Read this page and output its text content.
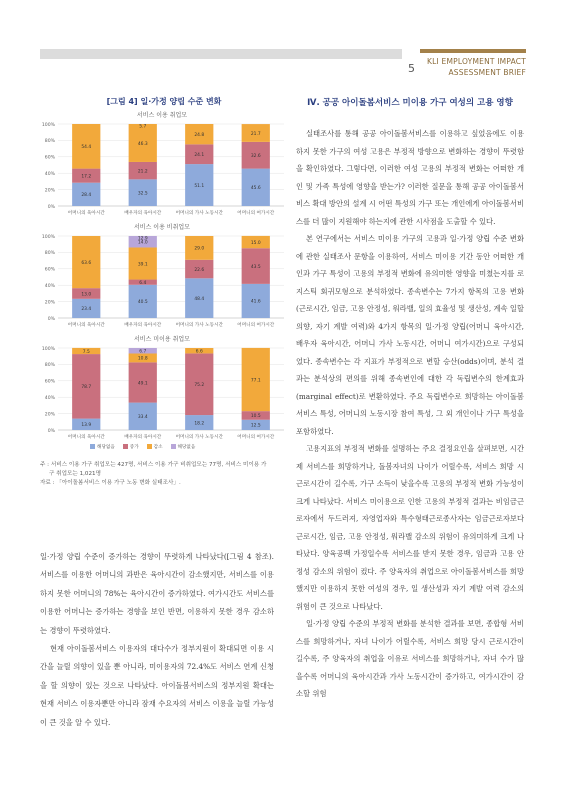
5
KLI EMPLOYMENT IMPACT
ASSESSMENT BRIEF
[그림 4] 일·가정 양립 수준 변화	Ⅳ. 공공 아이돌봄서비스 미이용 가구 여성의 고용 영향
서비스 이용 취업모
0%
20%
40%
60%
80%
100%
28.4
17.2
54.4
어머니의 육아시간
32.5
21.2
46.3
5.7
배우자의 육아시간
51.1
24.1
24.8
어머니의 가사 노동시간
45.6
32.6
21.7
어머니의 여가시간
서비스 이용 비취업모
0%
20%
40%
60%
80%
100%
23.4
13.0
63.6
어머니의 육아시간
40.5
6.4
39.1
14.0
12.9
배우자의 육아시간
48.4
22.6
29.0
어머니의 가사 노동시간
41.6
43.5
15.0
어머니의 여가시간
서비스 미이용 취업모
0%
20%
40%
60%
80%
100%
13.9
78.7
7.5
어머니의 육아시간
33.4
49.1
10.8
6.7
배우자의 육아시간
18.2
75.2
6.6
어머니의 가사 노동시간
12.5
10.5
77.1
어머니의 여가시간
해당없음	증가	감소	해당없음
주 : 서비스 이용 가구 취업모는 427명, 서비스 이용 가구 비취업모는 77명, 서비스 미이용 가
구 취업모는 1,021명
자료 : 「아이돌봄서비스 이용 가구 노동 변화 실태조사」.

일·가정 양립 수준이 증가하는 경향이 뚜렷하게 나타났다([그림 4 참조). 서비스를 이용한 어머니의 과반은 육아시간이 감소했지만, 서비스를 이용하지 못한 어머니의 78%는 육아시간이 증가하였다. 여가시간도 서비스를 이용한 어머니는 증가하는 경향을 보인 반면, 이용하지 못한 경우 감소하는 경향이 뚜렷하였다.

현재 아이돌봄서비스 이용자의 대다수가 정부지원이 확대되면 이용 시간을 늘릴 의향이 있을 뿐 아니라, 미이용자의 72.4%도 서비스 연계 신청을 할 의향이 있는 것으로 나타났다. 아이돌봄서비스의 정부지원 확대는 현재 서비스 이용자뿐만 아니라 잠재 수요자의 서비스 이용을 늘릴 가능성이 큰 것을 알 수 있다.

실태조사를 통해 공공 아이돌봄서비스를 이용하고 싶었음에도 이용하지 못한 가구의 여성 고용은 부정적 방향으로 변화하는 경향이 뚜렷함을 확인하였다. 그렇다면, 이러한 여성 고용의 부정적 변화는 어떠한 개인 및 가족 특성에 영향을 받는가? 이러한 질문을 통해 공공 아이돌봄서비스 확대 방안의 설계 시 어떤 특성의 가구 또는 개인에게 아이돌봄서비스를 더 많이 지원해야 하는지에 관한 시사점을 도출할 수 있다.

본 연구에서는 서비스 미이용 가구의 고용과 일·가정 양립 수준 변화에 관한 실태조사 문항을 이용하여, 서비스 미이용 기간 동안 어떠한 개인과 가구 특성이 고용의 부정적 변화에 유의미한 영향을 미쳤는지를 로지스틱 회귀모형으로 분석하였다. 종속변수는 7가지 항목의 고용 변화(근로시간, 임금, 고용 안정성, 워라밸, 일의 효율성 및 생산성, 계속 일할 의향, 자기 계발 여력)와 4가지 항목의 일·가정 양립(어머니 육아시간, 배우자 육아시간, 어머니 가사 노동시간, 어머니 여가시간)으로 구성되었다. 종속변수는 각 지표가 부정적으로 변할 승산(odds)이며, 분석 결과는 분석상의 편의를 위해 종속변인에 대한 각 독립변수의 한계효과(marginal effect)로 변환하였다. 주요 독립변수로 희망하는 아이돌봄서비스 특성, 어머니의 노동시장 참여 특성, 그 외 개인이나 가구 특성을 포함하였다.

고용지표의 부정적 변화를 설명하는 주요 결정요인을 살펴보면, 시간제 서비스를 희망하거나, 돌봄자녀의 나이가 어릴수록, 서비스 희망 시 근로시간이 길수록, 가구 소득이 낮을수록 고용의 부정적 변화 가능성이 크게 나타났다. 서비스 미이용으로 인한 고용의 부정적 결과는 비임금근로자에서 두드러져, 자영업자와 특수형태근로종사자는 임금근로자보다 근로시간, 임금, 고용 안정성, 워라밸 감소의 위험이 유의미하게 크게 나타났다. 양육공백 가정일수록 서비스를 받지 못한 경우, 임금과 고용 안정성 감소의 위험이 컸다. 주 양육자의 취업으로 아이돌봄서비스를 희망했지만 이용하지 못한 여성의 경우, 일 생산성과 자기 계발 여력 감소의 위험이 큰 것으로 나타났다.

일·가정 양립 수준의 부정적 변화를 분석한 결과를 보면, 종합형 서비스를 희망하거나, 자녀 나이가 어릴수록, 서비스 희망 당시 근로시간이 길수록, 주 양육자의 취업을 이유로 서비스를 희망하거나, 자녀 수가 많을수록 어머니의 육아시간과 가사 노동시간이 증가하고, 여가시간이 감소할 위험
